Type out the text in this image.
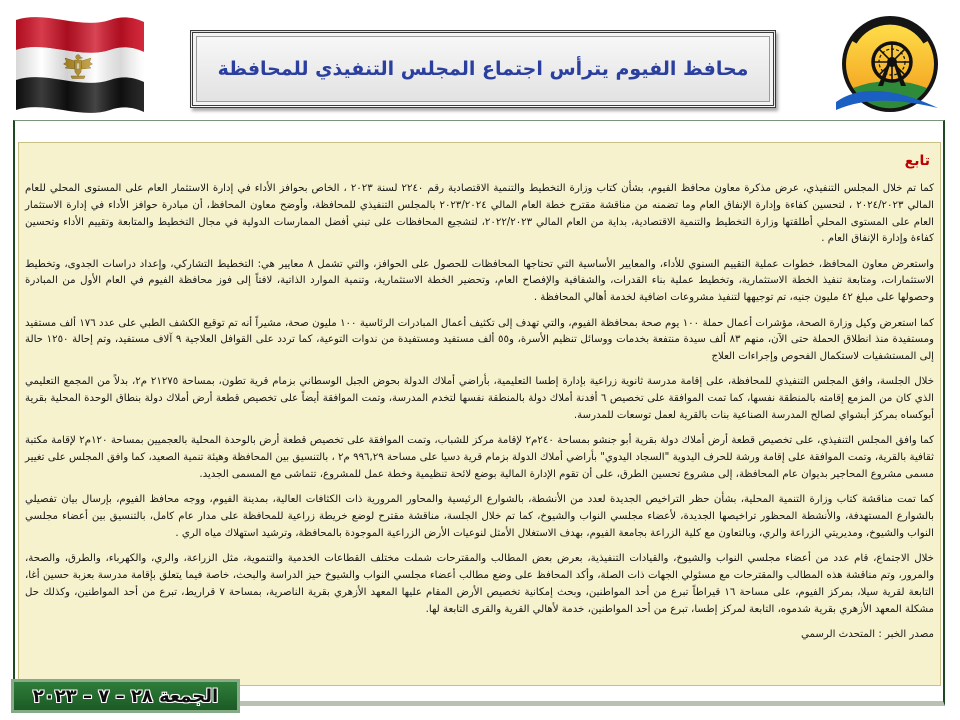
محافظ الفيوم يترأس اجتماع المجلس التنفيذي للمحافظة
تابع

كما تم خلال المجلس التنفيذي، عرض مذكرة معاون محافظ الفيوم، بشأن كتاب وزارة التخطيط والتنمية الاقتصادية رقم ٢٢٤٠ لسنة ٢٠٢٣ ، الخاص بحوافز الأداء في إدارة الاستثمار العام على المستوى المحلي للعام المالي ٢٠٢٤/٢٠٢٣ ، لتحسين كفاءة وإدارة الإنفاق العام وما تضمنه من مناقشة مقترح خطة العام المالي ٢٠٢٣/٢٠٢٤ بالمجلس التنفيذي للمحافظة، وأوضح معاون المحافظ، أن مبادرة حوافز الأداء في إدارة الاستثمار العام على المستوى المحلي أطلقتها وزارة التخطيط والتنمية الاقتصادية، بداية من العام المالي ٢٠٢٢/٢٠٢٣، لتشجيع المحافظات على تبني أفضل الممارسات الدولية في مجال التخطيط والمتابعة وتقييم الأداء وتحسين كفاءة وإدارة الإنفاق العام .

واستعرض معاون المحافظ، خطوات عملية التقييم السنوي للأداء، والمعايير الأساسية التي تحتاجها المحافظات للحصول على الحوافز، والتي تشمل ٨ معايير هي: التخطيط التشاركي، وإعداد دراسات الجدوى، وتخطيط الاستثمارات، ومتابعة تنفيذ الخطة الاستثمارية، وتخطيط عملية بناء القدرات، والشفافية والإفصاح العام، وتحضير الخطة الاستثمارية، وتنمية الموارد الذاتية، لافتاً إلى فوز محافظة الفيوم في العام الأول من المبادرة وحصولها على مبلغ ٤٢ مليون جنيه، تم توجيهها لتنفيذ مشروعات اضافية لخدمة أهالي المحافظة .

كما استعرض وكيل وزارة الصحة، مؤشرات أعمال حملة ١٠٠ يوم صحة بمحافظة الفيوم، والتي تهدف إلى تكثيف أعمال المبادرات الرئاسية ١٠٠ مليون صحة، مشيراً أنه تم توقيع الكشف الطبي على عدد ١٧٦ ألف مستفيد ومستفيدة منذ انطلاق الحملة حتى الآن، منهم ٨٣ ألف سيدة منتفعة بخدمات ووسائل تنظيم الأسرة، و٥٥ ألف مستفيد ومستفيدة من ندوات التوعية، كما تردد على القوافل العلاجية ٩ آلاف مستفيد، وتم إحالة ١٢٥٠ حالة إلى المستشفيات لاستكمال الفحوص وإجراءات العلاج

خلال الجلسة، وافق المجلس التنفيذي للمحافظة، على إقامة مدرسة ثانوية زراعية بإدارة إطسا التعليمية، بأراضي أملاك الدولة بحوض الجبل الوسطاني بزمام قرية تطون، بمساحة ٢١٢٧٥ م٢، بدلاً من المجمع التعليمي الذي كان من المزمع إقامته بالمنطقة نفسها، كما تمت الموافقة على تخصيص ٦ أفدنة أملاك دولة بالمنطقة نفسها لتخدم المدرسة، وتمت الموافقة أيضاً على تخصيص قطعة أرض أملاك دولة بنطاق الوحدة المحلية بقرية أبوكساه بمركز أبشواي لصالح المدرسة الصناعية بنات بالقرية لعمل توسعات للمدرسة.

كما وافق المجلس التنفيذي، على تخصيص قطعة أرض أملاك دولة بقرية أبو جنشو بمساحة ٢٤٠م٢ لإقامة مركز للشباب، وتمت الموافقة على تخصيص قطعة أرض بالوحدة المحلية بالعجميين بمساحة ١٢٠م٢ لإقامة مكتبة ثقافية بالقرية، وتمت الموافقة على إقامة ورشة للحرف اليدوية "السجاد اليدوي" بأراضي أملاك الدولة بزمام قرية دسيا على مساحة ٩٩٦,٢٩ م٢ ، بالتنسيق بين المحافظة وهيئة تنمية الصعيد، كما وافق المجلس على تغيير مسمى مشروع المحاجير بديوان عام المحافظة، إلى مشروع تحسين الطرق، على أن تقوم الإدارة المالية بوضع لائحة تنظيمية وخطة عمل للمشروع، تتماشى مع المسمى الجديد.

كما تمت مناقشة كتاب وزارة التنمية المحلية، بشأن حظر التراخيص الجديدة لعدد من الأنشطة، بالشوارع الرئيسية والمحاور المرورية ذات الكثافات العالية، بمدينة الفيوم، ووجه محافظ الفيوم، بإرسال بيان تفصيلي بالشوارع المستهدفة، والأنشطة المحظور تراخيصها الجديدة، لأعضاء مجلسي النواب والشيوخ، كما تم خلال الجلسة، مناقشة مقترح لوضع خريطة زراعية للمحافظة على مدار عام كامل، بالتنسيق بين أعضاء مجلسي النواب والشيوخ، ومديريتي الزراعة والري، وبالتعاون مع كلية الزراعة بجامعة الفيوم، بهدف الاستغلال الأمثل لنوعيات الأرض الزراعية الموجودة بالمحافظة، وترشيد استهلاك مياه الري .

خلال الاجتماع، قام عدد من أعضاء مجلسي النواب والشيوخ، والقيادات التنفيذية، بعرض بعض المطالب والمقترحات شملت مختلف القطاعات الخدمية والتنموية، مثل الزراعة، والري، والكهرباء، والطرق، والصحة، والمرور، وتم مناقشة هذه المطالب والمقترحات مع مسئولي الجهات ذات الصلة، وأكد المحافظ على وضع مطالب أعضاء مجلسي النواب والشيوخ حيز الدراسة والبحث، خاصة فيما يتعلق بإقامة مدرسة بعزبة حسين أغا، التابعة لقرية سيلا، بمركز الفيوم، على مساحة ١٦ قيراطاً تبرع من أحد المواطنين، وبحث إمكانية تخصيص الأرض المقام عليها المعهد الأزهري بقرية الناصرية، بمساحة ٧ قراريط، تبرع من أحد المواطنين، وكذلك حل مشكلة المعهد الأزهري بقرية شدموه، التابعة لمركز إطسا، تبرع من أحد المواطنين، خدمة لأهالي القرية والقرى التابعة لها.

مصدر الخبر : المتحدث الرسمي

الجمعة ٢٨ – ٧ – ٢٠٢٣
